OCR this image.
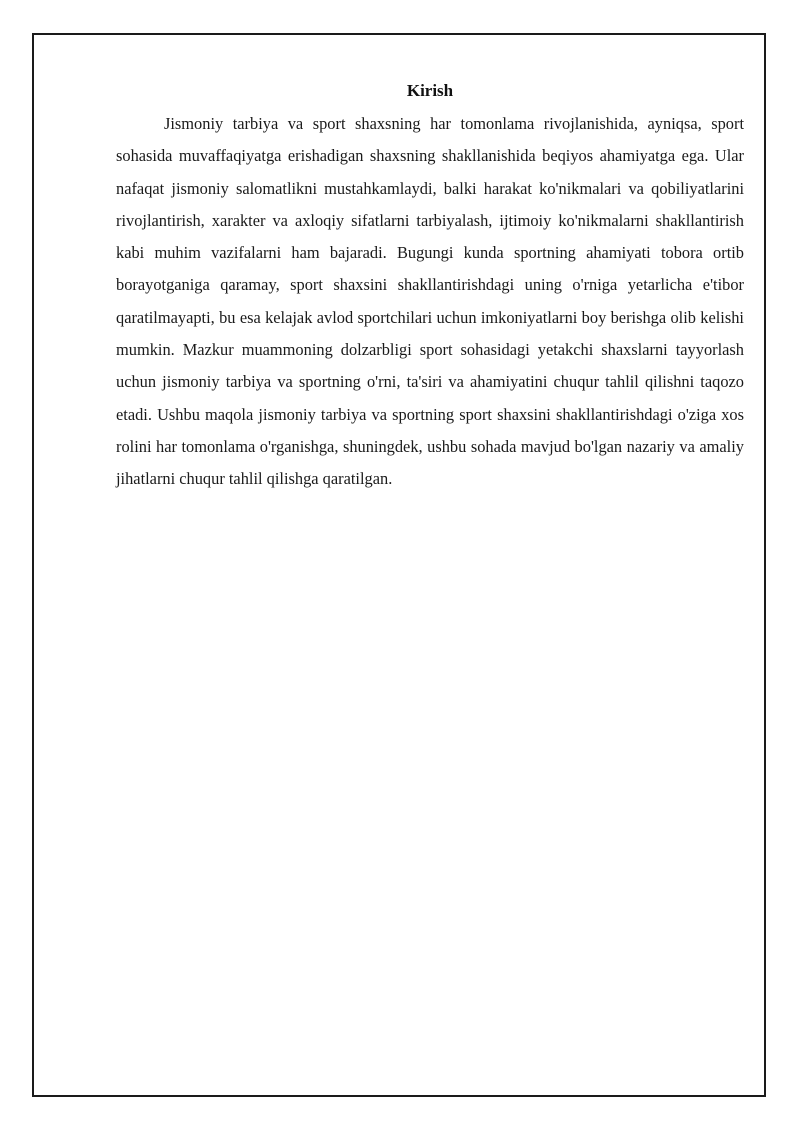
Kirish

Jismoniy tarbiya va sport shaxsning har tomonlama rivojlanishida, ayniqsa, sport sohasida muvaffaqiyatga erishadigan shaxsning shakllanishida beqiyos ahamiyatga ega. Ular nafaqat jismoniy salomatlikni mustahkamlaydi, balki harakat ko'nikmalari va qobiliyatlarini rivojlantirish, xarakter va axloqiy sifatlarni tarbiyalash, ijtimoiy ko'nikmalarni shakllantirish kabi muhim vazifalarni ham bajaradi. Bugungi kunda sportning ahamiyati tobora ortib borayotganiga qaramay, sport shaxsini shakllantirishdagi uning o'rniga yetarlicha e'tibor qaratilmayapti, bu esa kelajak avlod sportchilari uchun imkoniyatlarni boy berishga olib kelishi mumkin. Mazkur muammoning dolzarbligi sport sohasidagi yetakchi shaxslarni tayyorlash uchun jismoniy tarbiya va sportning o'rni, ta'siri va ahamiyatini chuqur tahlil qilishni taqozo etadi. Ushbu maqola jismoniy tarbiya va sportning sport shaxsini shakllantirishdagi o'ziga xos rolini har tomonlama o'rganishga, shuningdek, ushbu sohada mavjud bo'lgan nazariy va amaliy jihatlarni chuqur tahlil qilishga qaratilgan.
